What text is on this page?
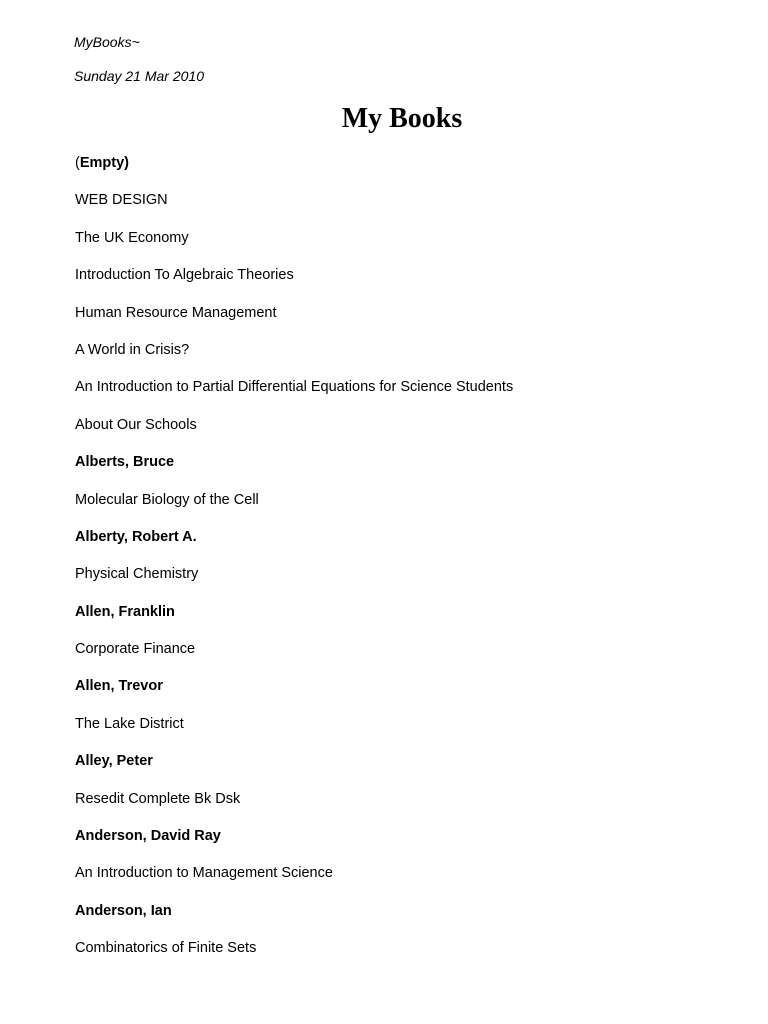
MyBooks~
Sunday 21 Mar 2010
My Books
(Empty)
WEB DESIGN
The UK Economy
Introduction To Algebraic Theories
Human Resource Management
A World in Crisis?
An Introduction to Partial Differential Equations for Science Students
About Our Schools
Alberts, Bruce
Molecular Biology of the Cell
Alberty, Robert A.
Physical Chemistry
Allen, Franklin
Corporate Finance
Allen, Trevor
The Lake District
Alley, Peter
Resedit Complete Bk Dsk
Anderson, David Ray
An Introduction to Management Science
Anderson, Ian
Combinatorics of Finite Sets
